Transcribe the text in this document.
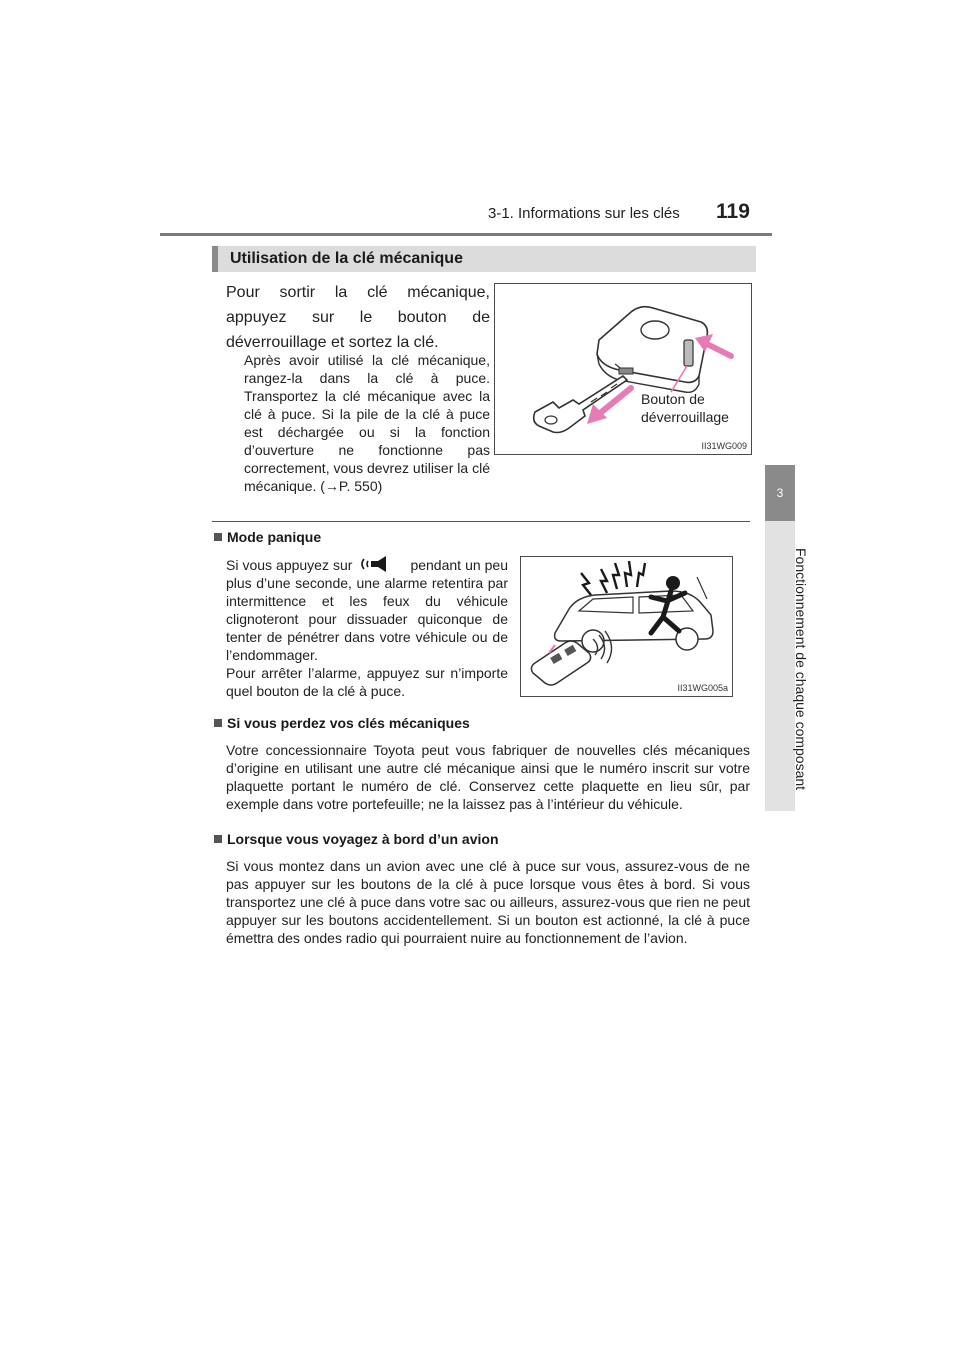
3-1. Informations sur les clés 119
3
Fonctionnement de chaque composant
Utilisation de la clé mécanique
Pour sortir la clé mécanique, appuyez sur le bouton de déverrouillage et sortez la clé.
Après avoir utilisé la clé mécanique, rangez-la dans la clé à puce. Transportez la clé mécanique avec la clé à puce. Si la pile de la clé à puce est déchargée ou si la fonction d’ouverture ne fonctionne pas correctement, vous devrez utiliser la clé mécanique. (→P. 550)
Bouton de
déverrouillage
II31WG009
Mode panique
Si vous appuyez sur	pendant un peu plus d’une seconde, une alarme retentira par intermittence et les feux du véhicule clignoteront pour dissuader quiconque de tenter de pénétrer dans votre véhicule ou de l’endommager.
Pour arrêter l’alarme, appuyez sur n’importe quel bouton de la clé à puce.	II31WG005a
Si vous perdez vos clés mécaniques
Votre concessionnaire Toyota peut vous fabriquer de nouvelles clés mécaniques d’origine en utilisant une autre clé mécanique ainsi que le numéro inscrit sur votre plaquette portant le numéro de clé. Conservez cette plaquette en lieu sûr, par exemple dans votre portefeuille; ne la laissez pas à l’intérieur du véhicule.
Lorsque vous voyagez à bord d’un avion
Si vous montez dans un avion avec une clé à puce sur vous, assurez-vous de ne pas appuyer sur les boutons de la clé à puce lorsque vous êtes à bord. Si vous transportez une clé à puce dans votre sac ou ailleurs, assurez-vous que rien ne peut appuyer sur les boutons accidentellement. Si un bouton est actionné, la clé à puce émettra des ondes radio qui pourraient nuire au fonctionnement de l’avion.
